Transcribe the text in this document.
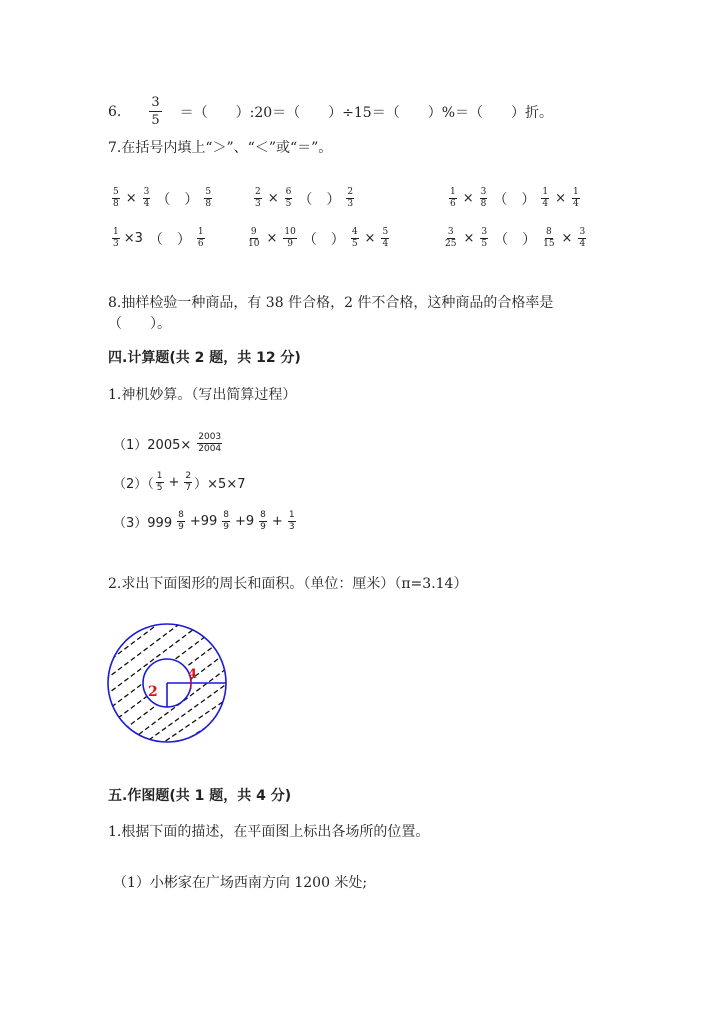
6. $\frac{3}{5}$ ＝（　　）:20＝（　　）÷15＝（　　）%＝（　　）折。
7.在括号内填上“＞”、“＜”或“＝”。
$\frac{5}{8} \times \frac{3}{4}$ （　） $\frac{5}{8}$	$\frac{2}{3} \times \frac{6}{5}$ （　） $\frac{2}{3}$	$\frac{1}{6} \times \frac{3}{8}$ （　） $\frac{1}{4} \times \frac{1}{4}$
$\frac{1}{3} \times 3$ （　） $\frac{1}{6}$	$\frac{9}{10} \times \frac{10}{9}$ （　） $\frac{4}{5} \times \frac{5}{4}$	$\frac{3}{25} \times \frac{3}{5}$ （　） $\frac{8}{15} \times \frac{3}{4}$
8.抽样检验一种商品，有 38 件合格，2 件不合格，这种商品的合格率是
（　　）。
四.计算题(共 2 题，共 12 分)
1.神机妙算。（写出简算过程）
$(1)2005\times \frac{2003}{2004}$
$(2)( \frac{1}{5} + \frac{2}{7} )\times 5\times 7$
$(3)999 \frac{8}{9} +99 \frac{8}{9} +9 \frac{8}{9} + \frac{1}{3}$
2.求出下面图形的周长和面积。（单位：厘米）（π=3.14）
2
4
五.作图题(共 1 题，共 4 分)
1.根据下面的描述，在平面图上标出各场所的位置。
（1）小彬家在广场西南方向 1200 米处;
